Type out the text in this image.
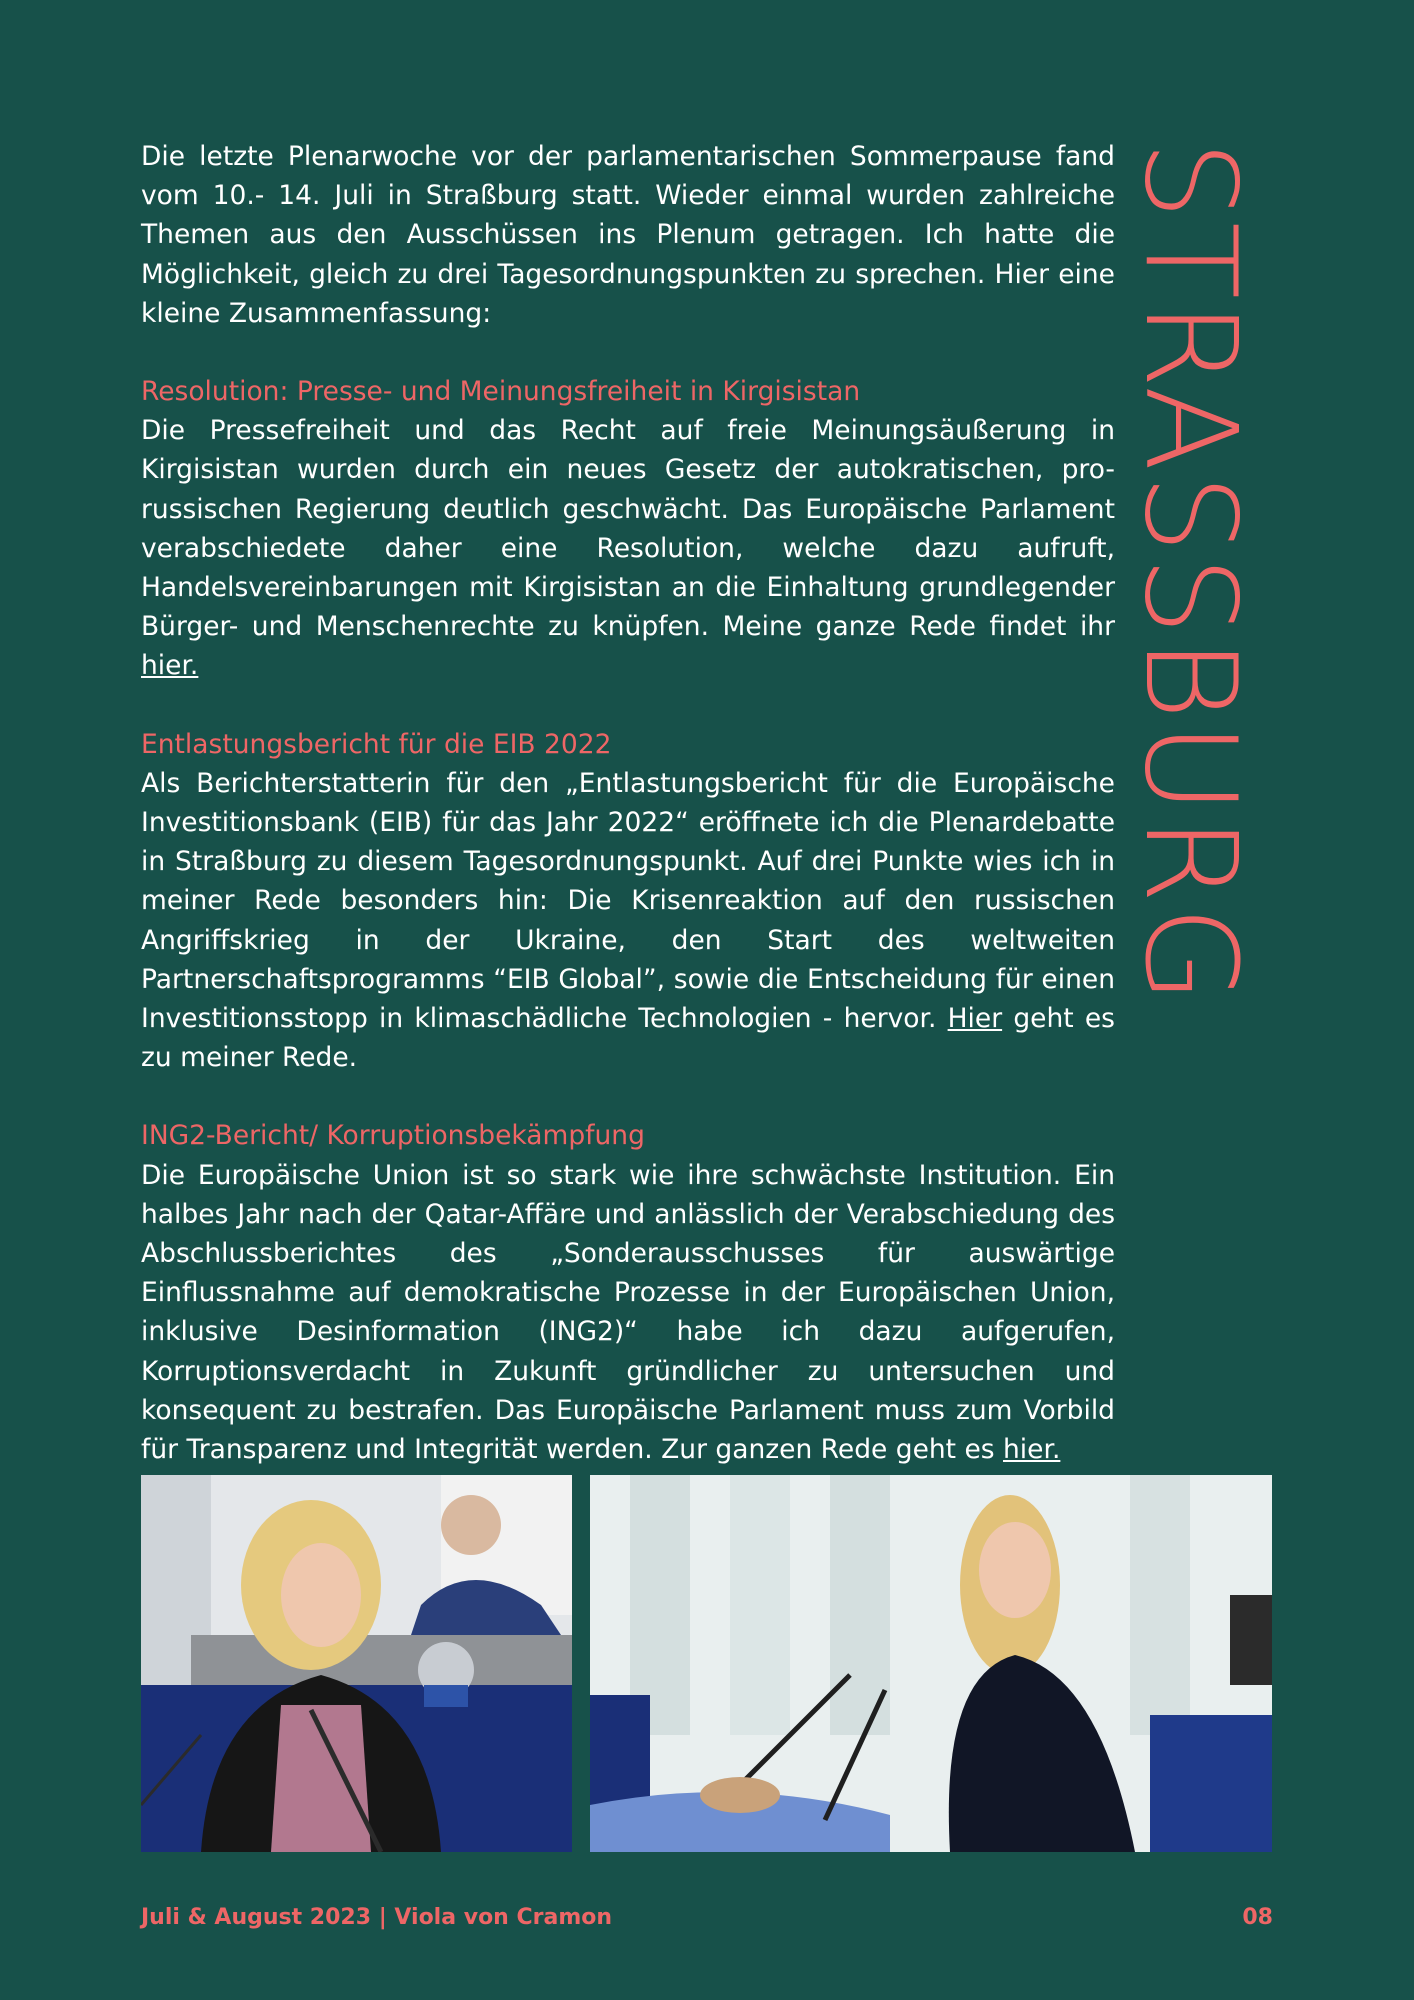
STRASSBURG

Die letzte Plenarwoche vor der parlamentarischen Sommerpause fand vom 10.- 14. Juli in Straßburg statt. Wieder einmal wurden zahlreiche Themen aus den Ausschüssen ins Plenum getragen. Ich hatte die Möglichkeit, gleich zu drei Tagesordnungspunkten zu sprechen. Hier eine kleine Zusammenfassung:

Resolution: Presse- und Meinungsfreiheit in Kirgisistan

Die Pressefreiheit und das Recht auf freie Meinungsäußerung in Kirgisistan wurden durch ein neues Gesetz der autokratischen, pro-russischen Regierung deutlich geschwächt. Das Europäische Parlament verabschiedete daher eine Resolution, welche dazu aufruft, Handelsvereinbarungen mit Kirgisistan an die Einhaltung grundlegender Bürger- und Menschenrechte zu knüpfen. Meine ganze Rede findet ihr hier.

Entlastungsbericht für die EIB 2022

Als Berichterstatterin für den „Entlastungsbericht für die Europäische Investitionsbank (EIB) für das Jahr 2022“ eröffnete ich die Plenardebatte in Straßburg zu diesem Tagesordnungspunkt. Auf drei Punkte wies ich in meiner Rede besonders hin: Die Krisenreaktion auf den russischen Angriffskrieg in der Ukraine, den Start des weltweiten Partnerschaftsprogramms “EIB Global”, sowie die Entscheidung für einen Investitionsstopp in klimaschädliche Technologien - hervor. Hier geht es zu meiner Rede.

ING2-Bericht/ Korruptionsbekämpfung

Die Europäische Union ist so stark wie ihre schwächste Institution. Ein halbes Jahr nach der Qatar-Affäre und anlässlich der Verabschiedung des Abschlussberichtes des „Sonderausschusses für auswärtige Einflussnahme auf demokratische Prozesse in der Europäischen Union, inklusive Desinformation (ING2)“ habe ich dazu aufgerufen, Korruptionsverdacht in Zukunft gründlicher zu untersuchen und konsequent zu bestrafen. Das Europäische Parlament muss zum Vorbild für Transparenz und Integrität werden. Zur ganzen Rede geht es hier.

Juli & August 2023 | Viola von Cramon	08
